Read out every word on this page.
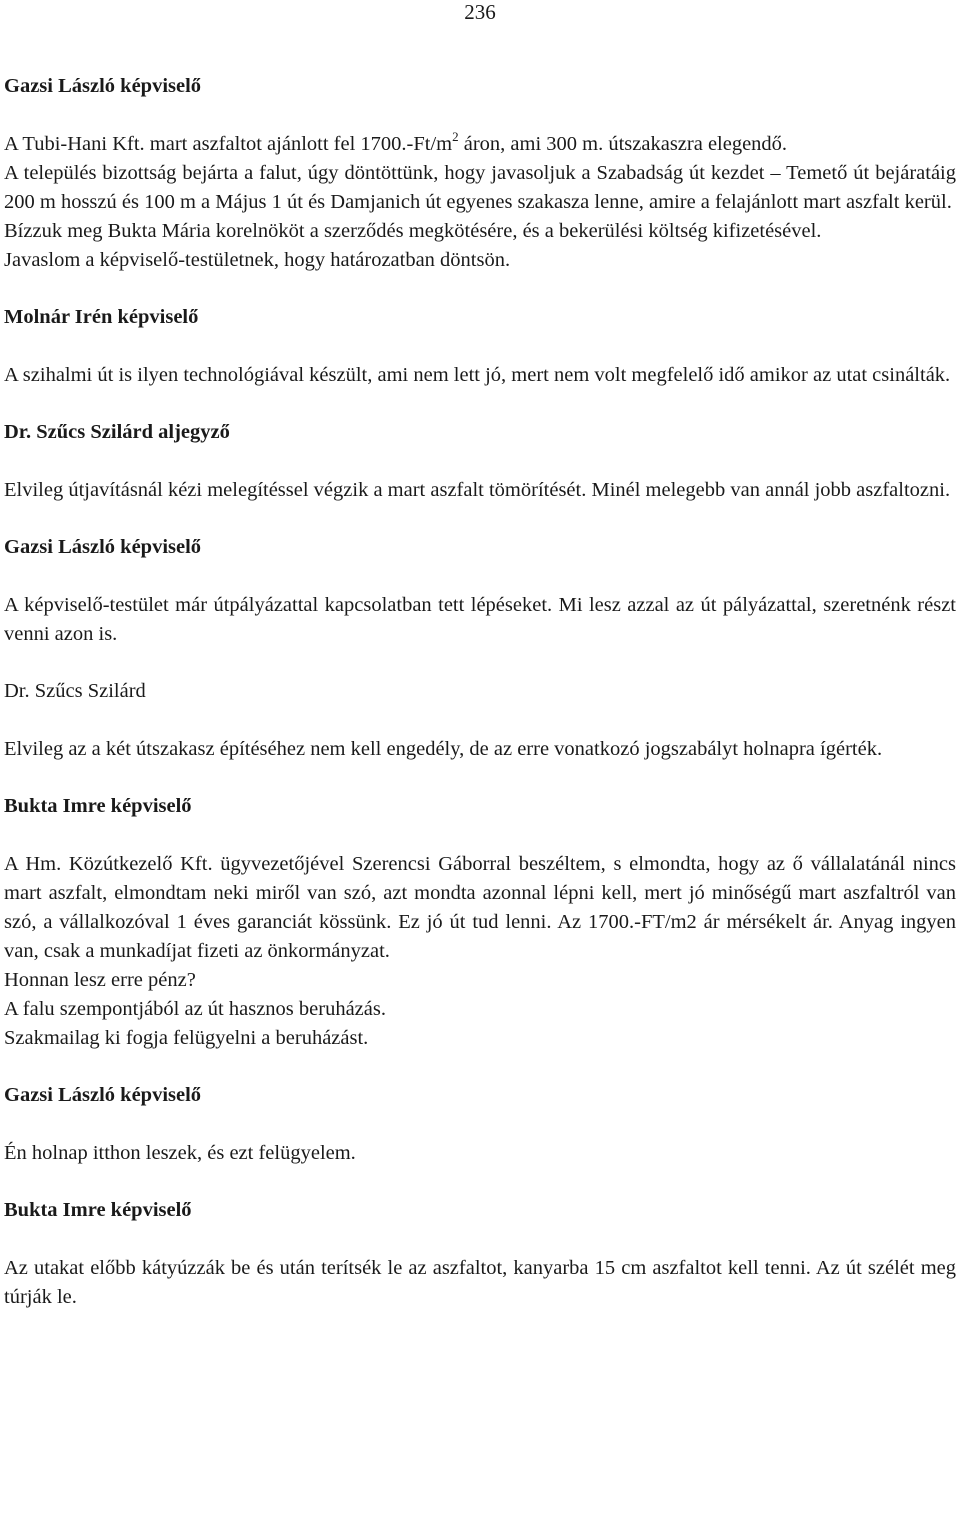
236

Gazsi László képviselő

A Tubi-Hani Kft. mart aszfaltot ajánlott fel $1700.-Ft/m^2$ áron, ami 300 m. útszakaszra elegendő.

A település bizottság bejárta a falut, úgy döntöttünk, hogy javasoljuk a Szabadság út kezdet – Temető út bejáratáig 200 m hosszú és 100 m a Május 1 út és Damjanich út egyenes szakasza lenne, amire a felajánlott mart aszfalt kerül.

Bízzuk meg Bukta Mária korelnököt a szerződés megkötésére, és a bekerülési költség kifizetésével.

Javaslom a képviselő-testületnek, hogy határozatban döntsön.

Molnár Irén képviselő

A szihalmi út is ilyen technológiával készült, ami nem lett jó, mert nem volt megfelelő idő amikor az utat csinálták.

Dr. Szűcs Szilárd aljegyző

Elvileg útjavításnál kézi melegítéssel végzik a mart aszfalt tömörítését. Minél melegebb van annál jobb aszfaltozni.

Gazsi László képviselő

A képviselő-testület már útpályázattal kapcsolatban tett lépéseket. Mi lesz azzal az út pályázattal, szeretnénk részt venni azon is.

Dr. Szűcs Szilárd

Elvileg az a két útszakasz építéséhez nem kell engedély, de az erre vonatkozó jogszabályt holnapra ígérték.

Bukta Imre képviselő

A Hm. Közútkezelő Kft. ügyvezetőjével Szerencsi Gáborral beszéltem, s elmondta, hogy az ő vállalatánál nincs mart aszfalt, elmondtam neki miről van szó, azt mondta azonnal lépni kell, mert jó minőségű mart aszfaltról van szó, a vállalkozóval 1 éves garanciát kössünk. Ez jó út tud lenni. Az 1700.-FT/m2 ár mérsékelt ár. Anyag ingyen van, csak a munkadíjat fizeti az önkormányzat.

Honnan lesz erre pénz?

A falu szempontjából az út hasznos beruházás.

Szakmailag ki fogja felügyelni a beruházást.

Gazsi László képviselő

Én holnap itthon leszek, és ezt felügyelem.

Bukta Imre képviselő

Az utakat előbb kátyúzzák be és után terítsék le az aszfaltot, kanyarba 15 cm aszfaltot kell tenni. Az út szélét meg túrják le.
